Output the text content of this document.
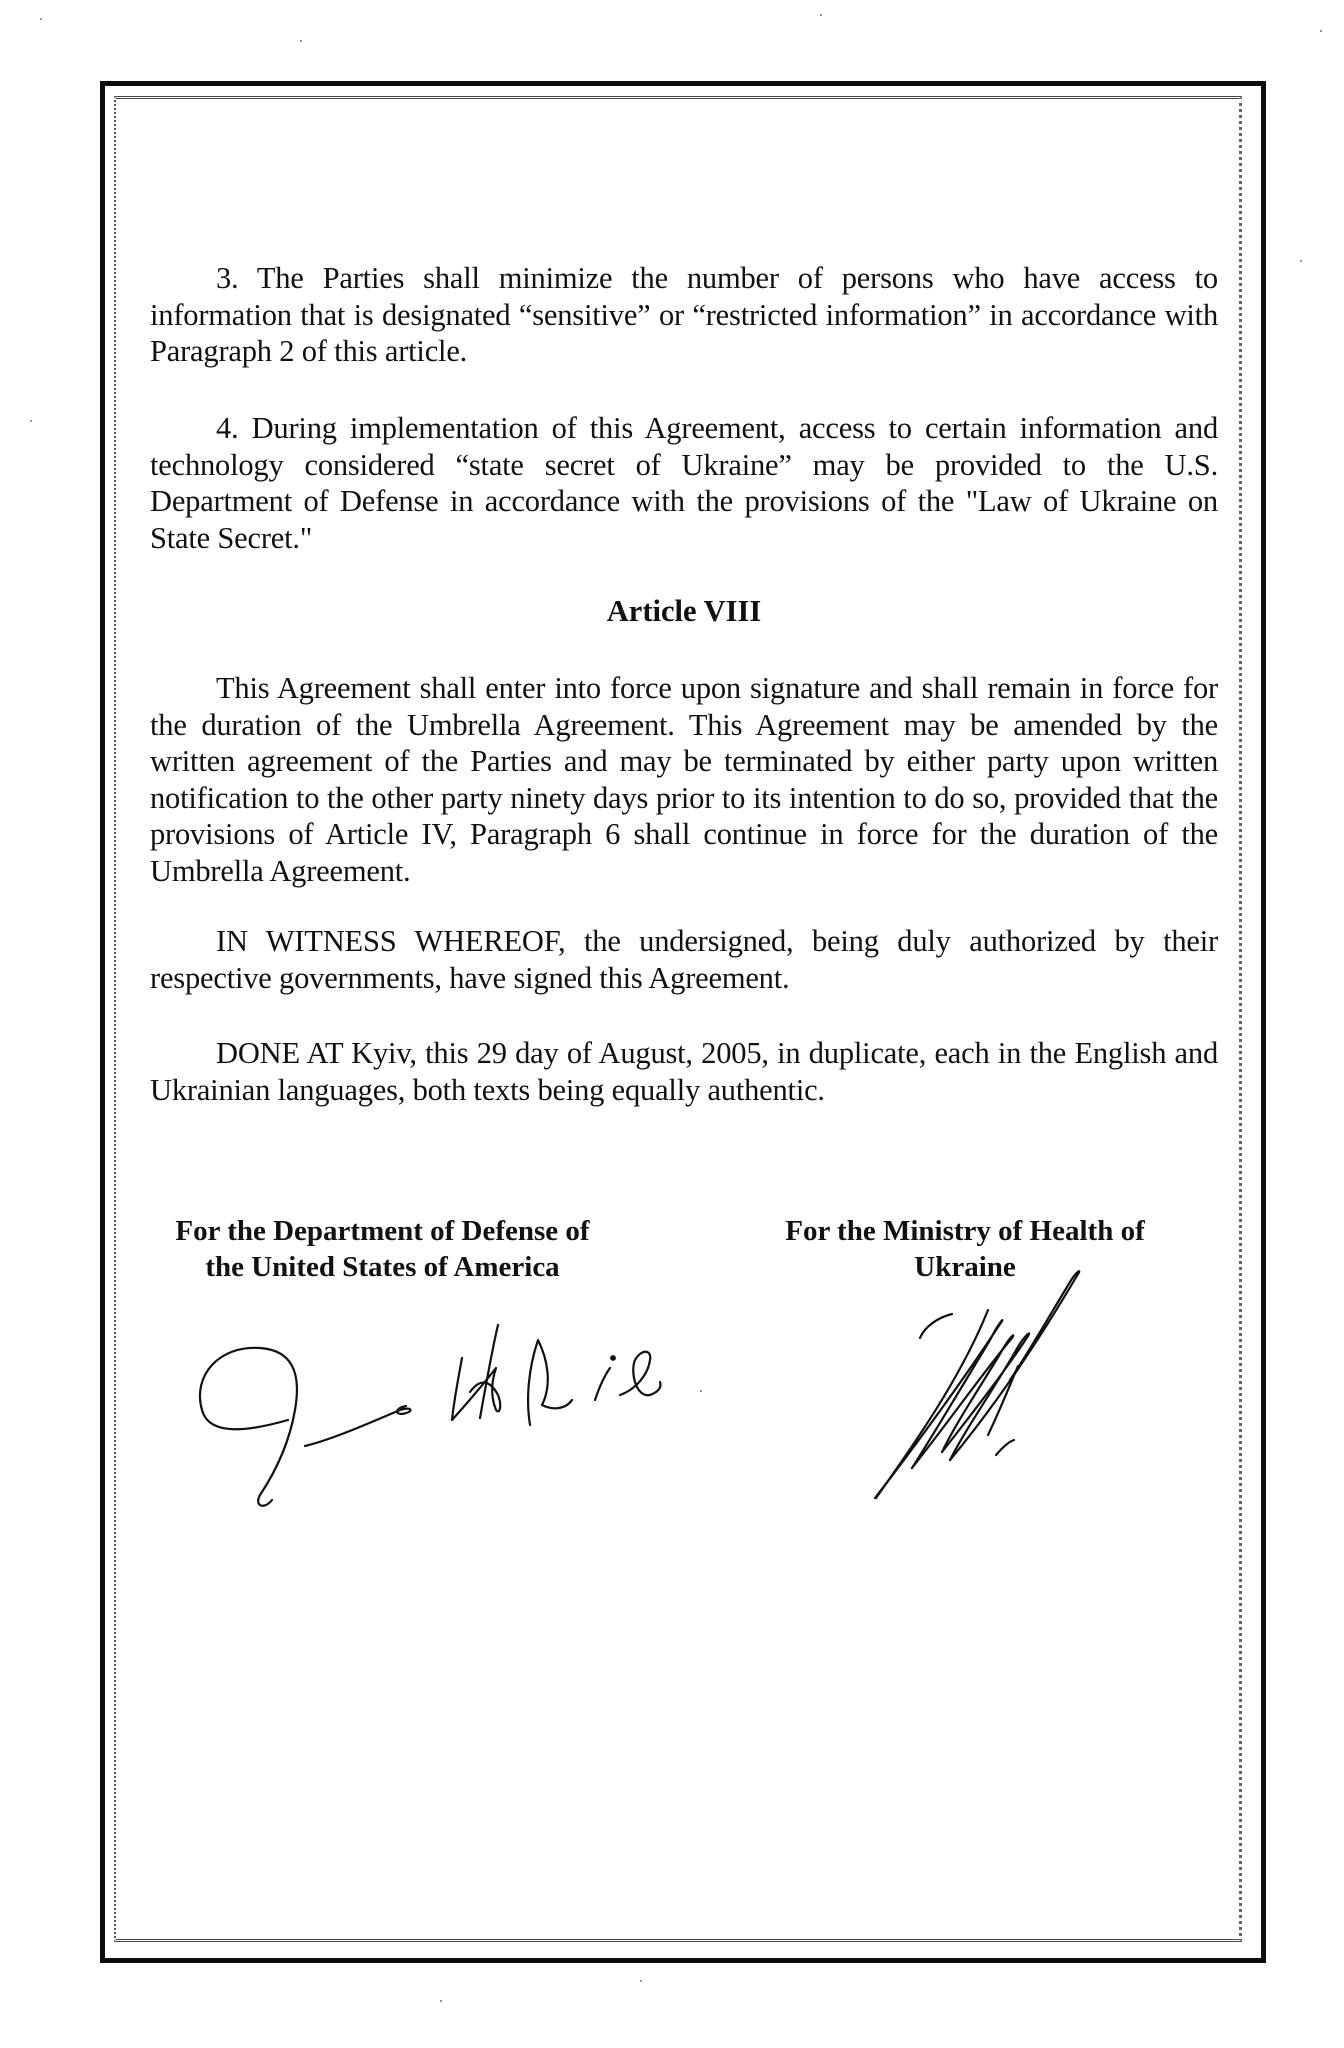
3. The Parties shall minimize the number of persons who have access to information that is designated “sensitive” or “restricted information” in accordance with Paragraph 2 of this article.

4. During implementation of this Agreement, access to certain information and technology considered “state secret of Ukraine” may be provided to the U.S. Department of Defense in accordance with the provisions of the "Law of Ukraine on State Secret."

Article VIII

This Agreement shall enter into force upon signature and shall remain in force for the duration of the Umbrella Agreement. This Agreement may be amended by the written agreement of the Parties and may be terminated by either party upon written notification to the other party ninety days prior to its intention to do so, provided that the provisions of Article IV, Paragraph 6 shall continue in force for the duration of the Umbrella Agreement.

IN WITNESS WHEREOF, the undersigned, being duly authorized by their respective governments, have signed this Agreement.

DONE AT Kyiv, this 29 day of August, 2005, in duplicate, each in the English and Ukrainian languages, both texts being equally authentic.

For the Department of Defense of
the United States of America
For the Ministry of Health of
Ukraine
